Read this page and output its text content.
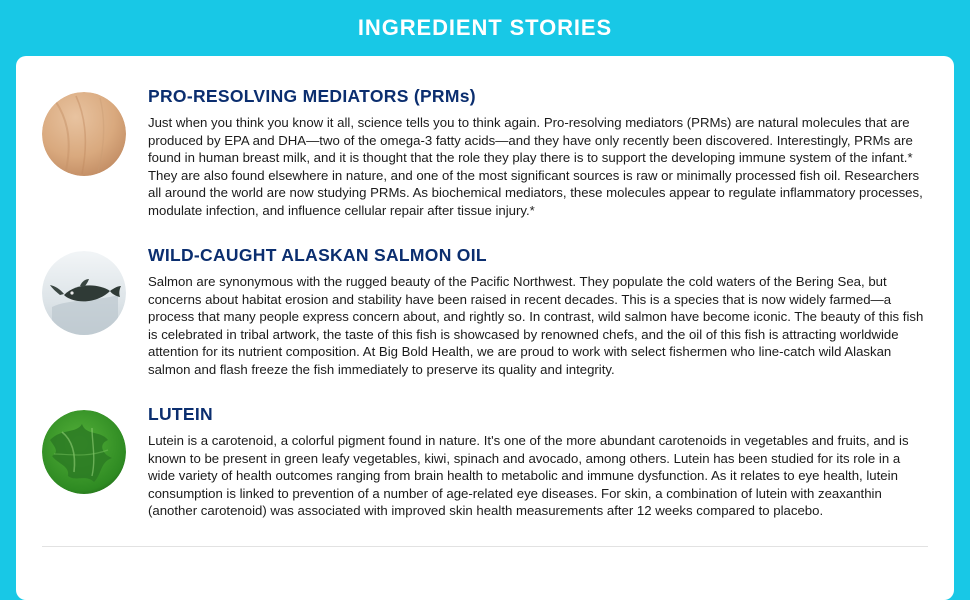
INGREDIENT STORIES
PRO-RESOLVING MEDIATORS (PRMs)

Just when you think you know it all, science tells you to think again. Pro-resolving mediators (PRMs) are natural molecules that are produced by EPA and DHA—two of the omega-3 fatty acids—and they have only recently been discovered. Interestingly, PRMs are found in human breast milk, and it is thought that the role they play there is to support the developing immune system of the infant.* They are also found elsewhere in nature, and one of the most significant sources is raw or minimally processed fish oil. Researchers all around the world are now studying PRMs. As biochemical mediators, these molecules appear to regulate inflammatory processes, modulate infection, and influence cellular repair after tissue injury.*

WILD-CAUGHT ALASKAN SALMON OIL

Salmon are synonymous with the rugged beauty of the Pacific Northwest. They populate the cold waters of the Bering Sea, but concerns about habitat erosion and stability have been raised in recent decades. This is a species that is now widely farmed—a process that many people express concern about, and rightly so. In contrast, wild salmon have become iconic. The beauty of this fish is celebrated in tribal artwork, the taste of this fish is showcased by renowned chefs, and the oil of this fish is attracting worldwide attention for its nutrient composition. At Big Bold Health, we are proud to work with select fishermen who line-catch wild Alaskan salmon and flash freeze the fish immediately to preserve its quality and integrity.

LUTEIN

Lutein is a carotenoid, a colorful pigment found in nature. It's one of the more abundant carotenoids in vegetables and fruits, and is known to be present in green leafy vegetables, kiwi, spinach and avocado, among others. Lutein has been studied for its role in a wide variety of health outcomes ranging from brain health to metabolic and immune dysfunction. As it relates to eye health, lutein consumption is linked to prevention of a number of age-related eye diseases. For skin, a combination of lutein with zeaxanthin (another carotenoid) was associated with improved skin health measurements after 12 weeks compared to placebo.
